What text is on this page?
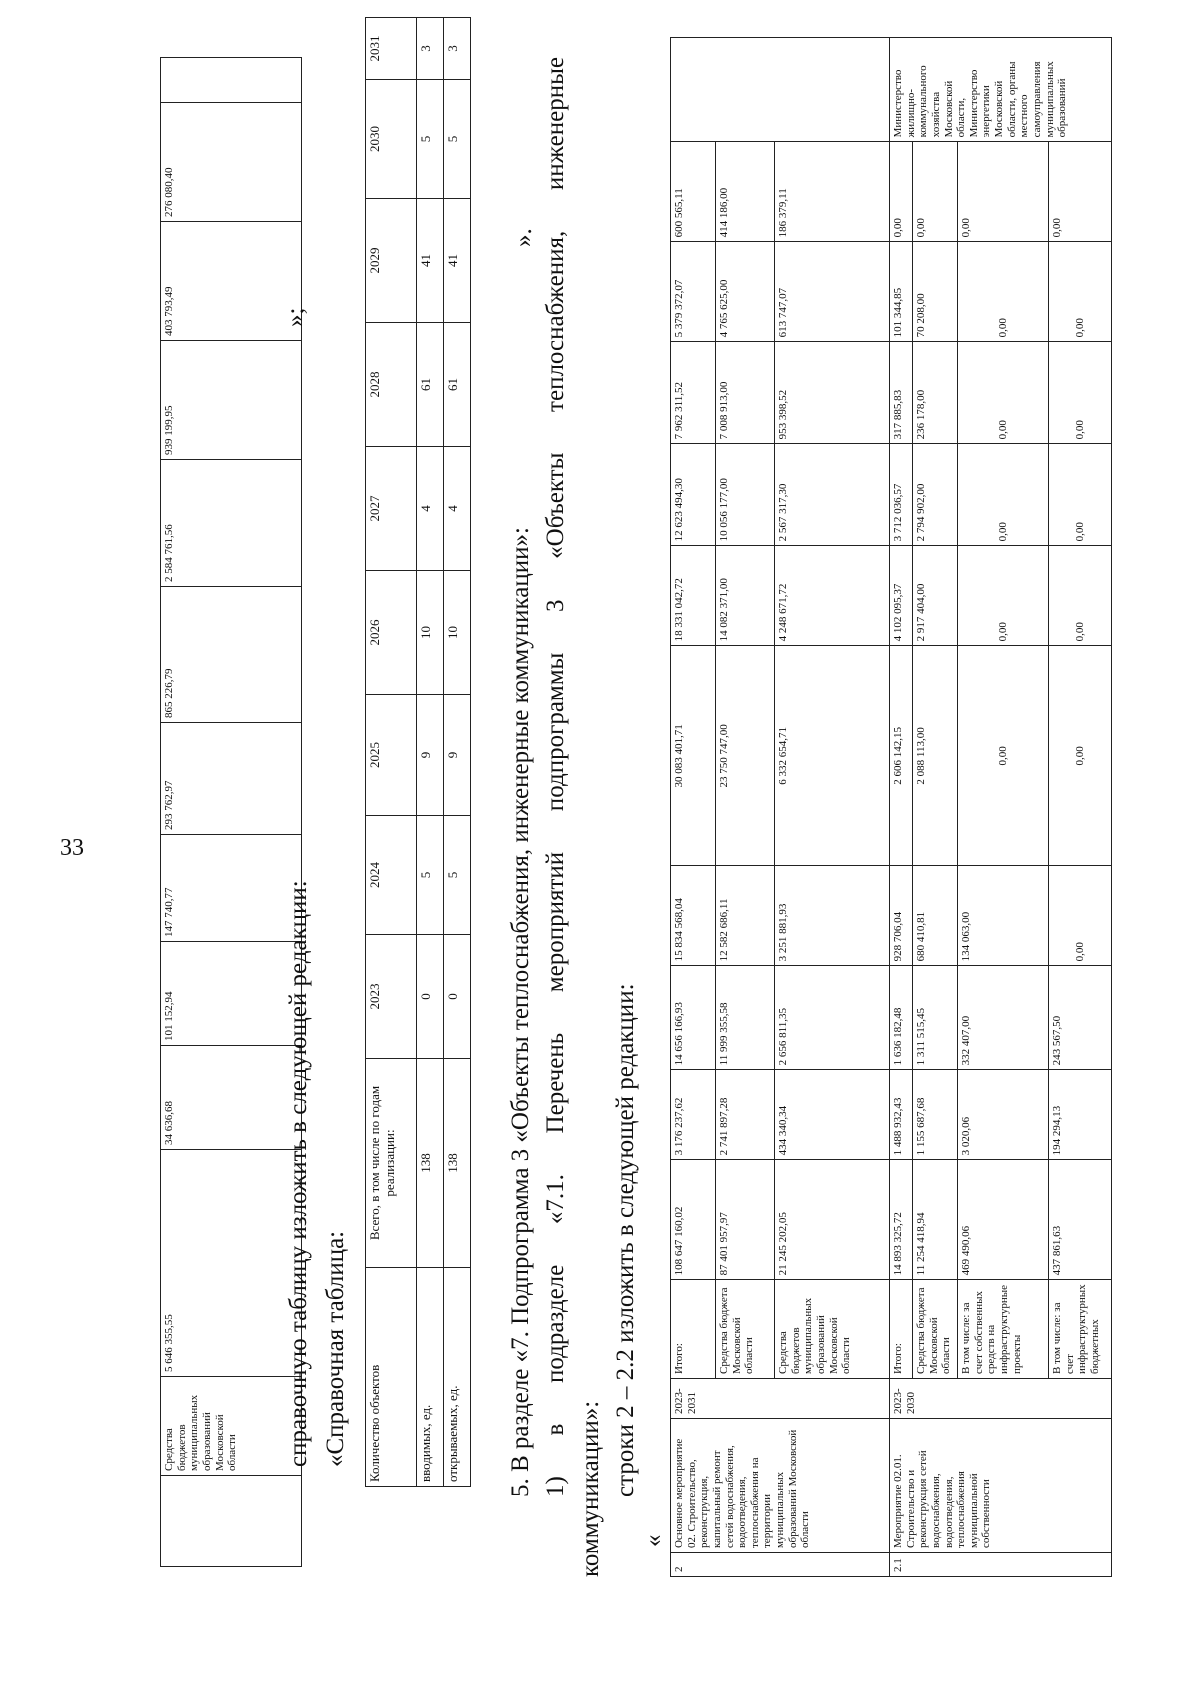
33
	Средства бюджетов муниципальных образований Московской области	5 646 355,55	34 636,68	101 152,94	147 740,77	293 762,97	865 226,79	2 584 761,56	939 199,95	403 793,49	276 080,40	
»;

справочную таблицу изложить в следующей редакции: «Справочная таблица: Количество объектов	Всего, в том числе по годам реализации:	2023	2024	2025	2026	2027	2028	2029	2030	2031
вводимых, ед.	138	0	5	9	10	4	61	41	5	3
открываемых, ед.	138	0	5	9	10	4	61	41	5	3
».

5. В разделе «7. Подпрограмма 3 «Объекты теплоснабжения, инженерные коммуникации»: 1)
в
подразделе
«7.1.
Перечень
мероприятий
подпрограммы
3
«Объекты
теплоснабжения,
инженерные

коммуникации»: строки 2 – 2.2 изложить в следующей редакции:

«
2	Основное мероприятие 02. Строительство, реконструкция, капитальный ремонт сетей водоснабжения, водоотведения, теплоснабжения на территории муниципальных образований Московской области	2023-2031	Итого:	108 647 160,02	3 176 237,62	14 656 166,93	15 834 568,04	30 083 401,71	18 331 042,72	12 623 494,30	7 962 311,52	5 379 372,07	600 565,11	
			Средства бюджета Московской области	87 401 957,97	2 741 897,28	11 999 355,58	12 582 686,11	23 750 747,00	14 082 371,00	10 056 177,00	7 008 913,00	4 765 625,00	414 186,00	
			Средства бюджетов муниципальных образований Московской области	21 245 202,05	434 340,34	2 656 811,35	3 251 881,93	6 332 654,71	4 248 671,72	2 567 317,30	953 398,52	613 747,07	186 379,11	
2.1	Мероприятие 02.01. Строительство и реконструкция сетей водоснабжения, водоотведения, теплоснабжения муниципальной собственности	2023-2030	Итого:	14 893 325,72	1 488 932,43	1 636 182,48	928 706,04	2 606 142,15	4 102 095,37	3 712 036,57	317 885,83	101 344,85	0,00	Министерство жилищно-коммунального хозяйства Московской области, Министерство энергетики Московской области, органы местного самоуправления муниципальных образований
			Средства бюджета Московской области	11 254 418,94	1 155 687,68	1 311 515,45	680 410,81	2 088 113,00	2 917 404,00	2 794 902,00	236 178,00	70 208,00	0,00	
			В том числе: за счет собственных средств на инфраструктурные проекты	469 490,06	3 020,06	332 407,00	134 063,00	0,00	0,00	0,00	0,00	0,00	0,00	
			В том числе: за счет инфраструктурных бюджетных	437 861,63	194 294,13	243 567,50	0,00	0,00	0,00	0,00	0,00	0,00	0,00	
